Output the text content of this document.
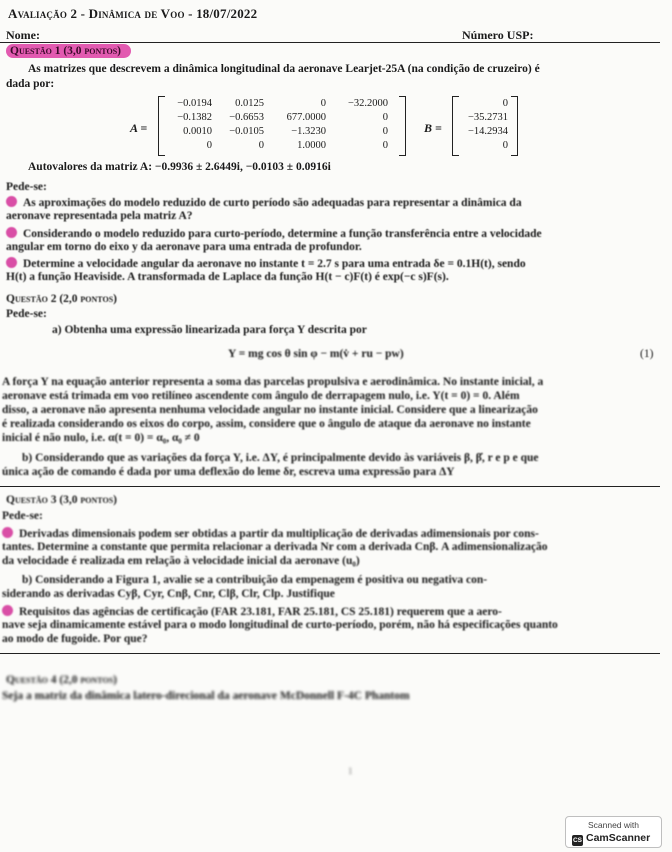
Avaliação 2 - Dinâmica de Voo - 18/07/2022
Nome:	Número USP:
Questão 1 (3,0 pontos)
As matrizes que descrevem a dinâmica longitudinal da aeronave Learjet-25A (na condição de cruzeiro) é
dada por:
A =
−0.0194 0.0125	0 −32.2000
−0.1382 −0.6653 677.0000	0
0.0010 −0.0105	−1.3230	0
0	0	1.0000	0
B =
0
−35.2731
−14.2934
0
Autovalores da matriz A: −0.9936 ± 2.6449i, −0.0103 ± 0.0916i
Pede-se:
As aproximações do modelo reduzido de curto período são adequadas para representar a dinâmica da
aeronave representada pela matriz A?
Considerando o modelo reduzido para curto-período, determine a função transferência entre a velocidade
angular em torno do eixo y da aeronave para uma entrada de profundor.
Determine a velocidade angular da aeronave no instante t = 2.7 s para uma entrada δe = 0.1H(t), sendo
H(t) a função Heaviside. A transformada de Laplace da função H(t − c)F(t) é exp(−c s)F(s).
Questão 2 (2,0 pontos)
Pede-se:
a) Obtenha uma expressão linearizada para força Y descrita por
Y = mg cos θ sin φ − m(v̇ + ru − pw)	(1)
A força Y na equação anterior representa a soma das parcelas propulsiva e aerodinâmica. No instante inicial, a
aeronave está trimada em voo retilíneo ascendente com ângulo de derrapagem nulo, i.e. Y(t = 0) = 0. Além
disso, a aeronave não apresenta nenhuma velocidade angular no instante inicial. Considere que a linearização
é realizada considerando os eixos do corpo, assim, considere que o ângulo de ataque da aeronave no instante
inicial é não nulo, i.e. α(t = 0) = α₀, α₀ ≠ 0
b) Considerando que as variações da força Y, i.e. ΔY, é principalmente devido às variáveis β, β̇, r e p e que
única ação de comando é dada por uma deflexão do leme δr, escreva uma expressão para ΔY
Questão 3 (3,0 pontos)
Pede-se:
Derivadas dimensionais podem ser obtidas a partir da multiplicação de derivadas adimensionais por cons-
tantes. Determine a constante que permita relacionar a derivada Nr com a derivada Cnβ. A adimensionalização
da velocidade é realizada em relação à velocidade inicial da aeronave (u₀)
b) Considerando a Figura 1, avalie se a contribuição da empenagem é positiva ou negativa con-
siderando as derivadas Cyβ, Cyr, Cnβ, Cnr, Clβ, Clr, Clp. Justifique
Requisitos das agências de certificação (FAR 23.181, FAR 25.181, CS 25.181) requerem que a aero-
nave seja dinamicamente estável para o modo longitudinal de curto-período, porém, não há especificações quanto
ao modo de fugoide. Por que?
Questão 4 (2,0 pontos)
Seja a matriz da dinâmica latero-direcional da aeronave McDonnell F-4C Phantom
1
Scanned with
CS CamScanner
